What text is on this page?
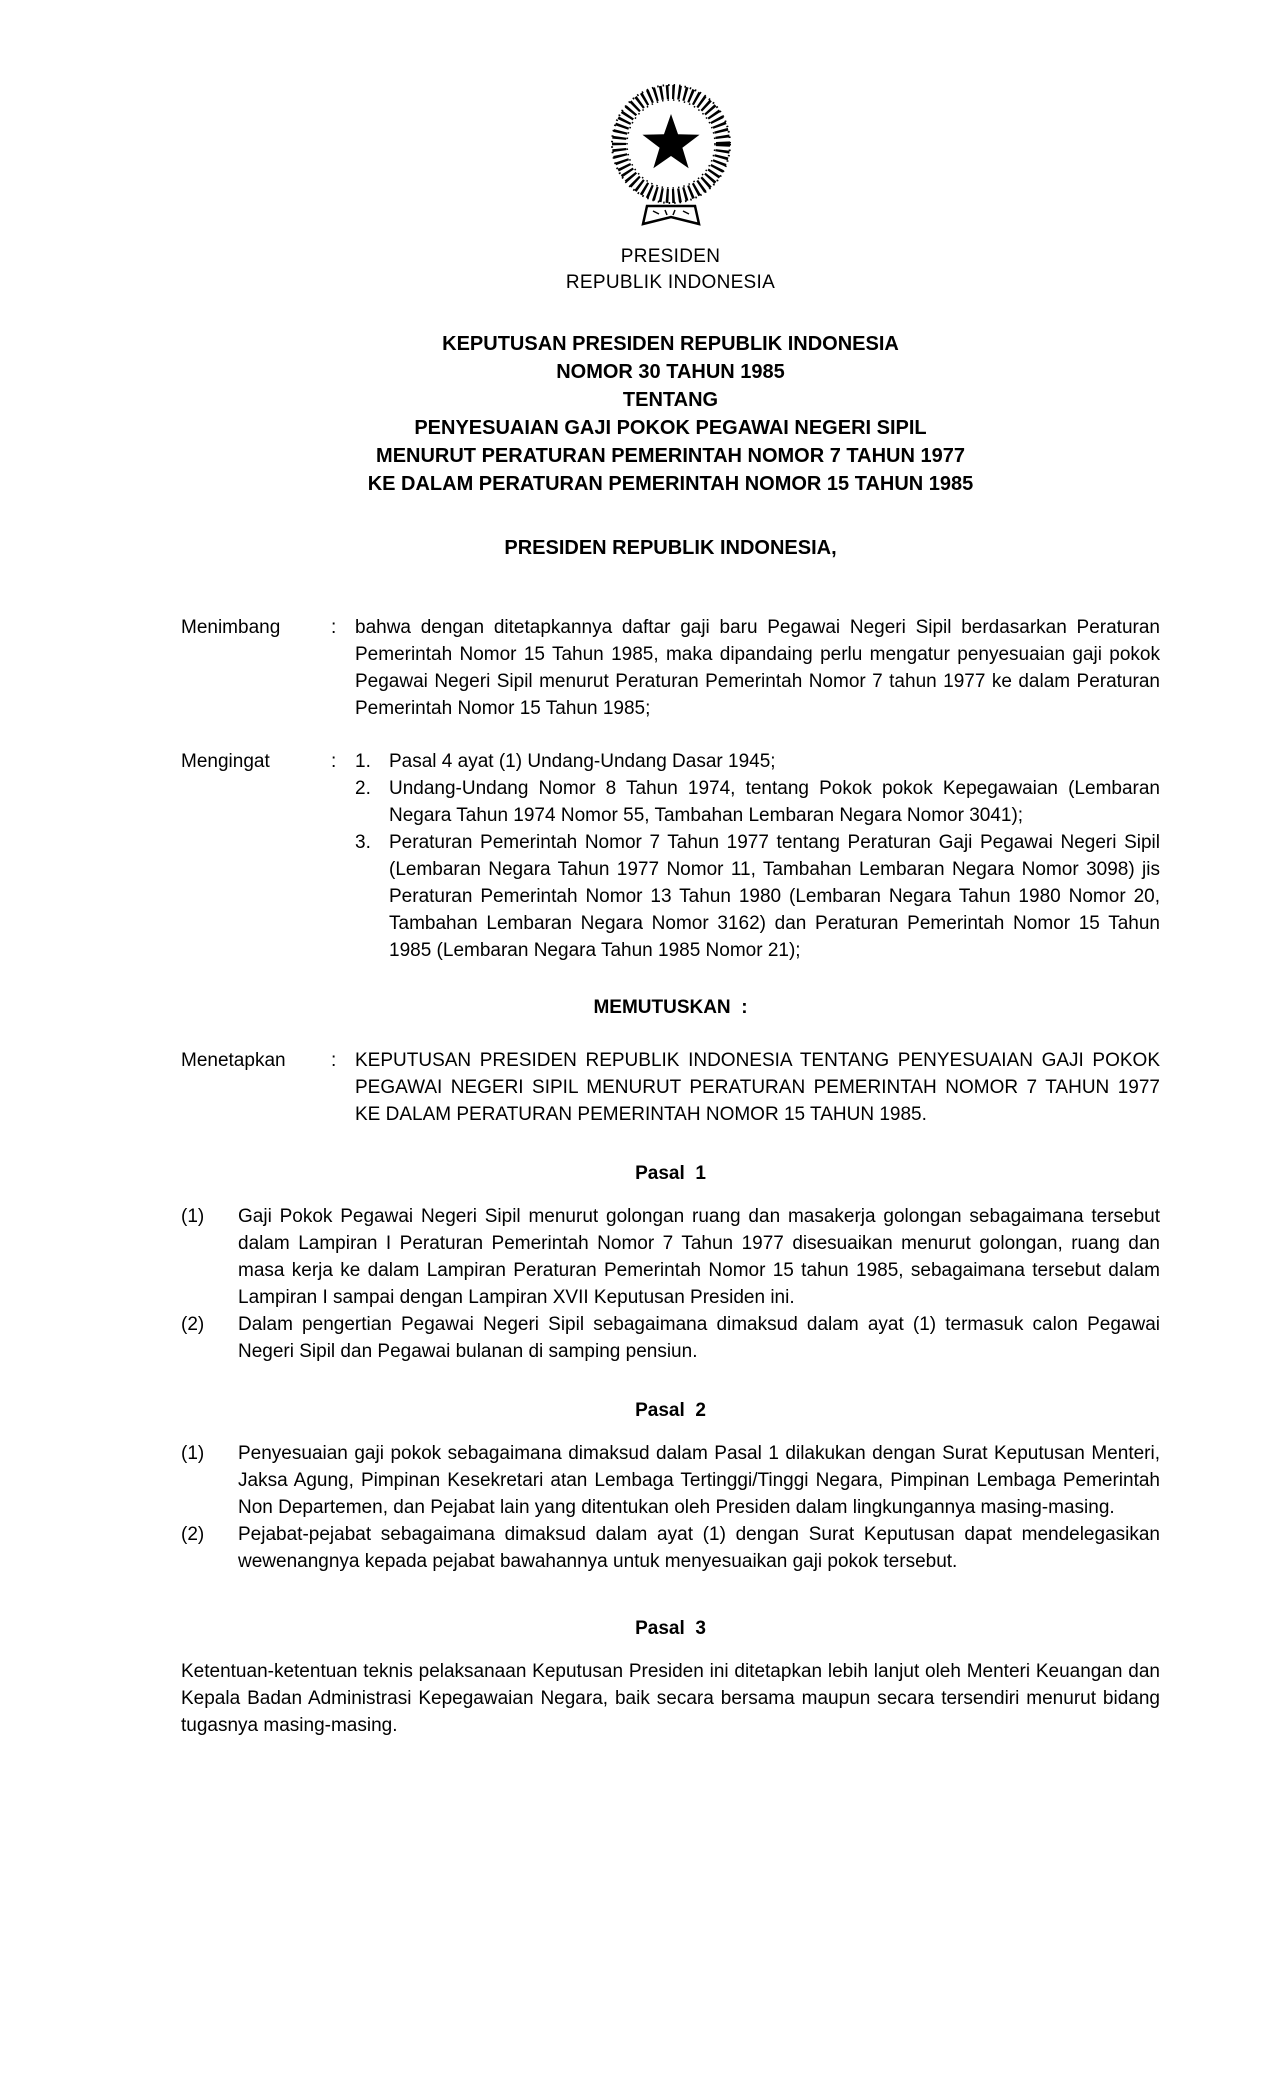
PRESIDEN
REPUBLIK INDONESIA
KEPUTUSAN PRESIDEN REPUBLIK INDONESIA
NOMOR 30 TAHUN 1985
TENTANG
PENYESUAIAN GAJI POKOK PEGAWAI NEGERI SIPIL
MENURUT PERATURAN PEMERINTAH NOMOR 7 TAHUN 1977
KE DALAM PERATURAN PEMERINTAH NOMOR 15 TAHUN 1985
PRESIDEN REPUBLIK INDONESIA,
Menimbang	: bahwa dengan ditetapkannya daftar gaji baru Pegawai Negeri Sipil berdasarkan Peraturan Pemerintah Nomor 15 Tahun 1985, maka dipandaing perlu mengatur penyesuaian gaji pokok Pegawai Negeri Sipil menurut Peraturan Pemerintah Nomor 7 tahun 1977 ke dalam Peraturan Pemerintah Nomor 15 Tahun 1985;
Mengingat	: 1. Pasal 4 ayat (1) Undang-Undang Dasar 1945;
2. Undang-Undang Nomor 8 Tahun 1974, tentang Pokok pokok Kepegawaian (Lembaran Negara Tahun 1974 Nomor 55, Tambahan Lembaran Negara Nomor 3041);
3. Peraturan Pemerintah Nomor 7 Tahun 1977 tentang Peraturan Gaji Pegawai Negeri Sipil (Lembaran Negara Tahun 1977 Nomor 11, Tambahan Lembaran Negara Nomor 3098) jis Peraturan Pemerintah Nomor 13 Tahun 1980 (Lembaran Negara Tahun 1980 Nomor 20, Tambahan Lembaran Negara Nomor 3162) dan Peraturan Pemerintah Nomor 15 Tahun 1985 (Lembaran Negara Tahun 1985 Nomor 21);
MEMUTUSKAN  :
Menetapkan	: KEPUTUSAN PRESIDEN REPUBLIK INDONESIA TENTANG PENYESUAIAN GAJI POKOK PEGAWAI NEGERI SIPIL MENURUT PERATURAN PEMERINTAH NOMOR 7 TAHUN 1977 KE DALAM PERATURAN PEMERINTAH NOMOR 15 TAHUN 1985.
Pasal  1
(1)	Gaji Pokok Pegawai Negeri Sipil menurut golongan ruang dan masakerja golongan sebagaimana tersebut dalam Lampiran I Peraturan Pemerintah Nomor 7 Tahun 1977 disesuaikan menurut golongan, ruang dan masa kerja ke dalam Lampiran Peraturan Pemerintah Nomor 15 tahun 1985, sebagaimana tersebut dalam Lampiran I sampai dengan Lampiran XVII Keputusan Presiden ini.
(2)	Dalam pengertian Pegawai Negeri Sipil sebagaimana dimaksud dalam ayat (1) termasuk calon Pegawai Negeri Sipil dan Pegawai bulanan di samping pensiun.
Pasal  2
(1)	Penyesuaian gaji pokok sebagaimana dimaksud dalam Pasal 1 dilakukan dengan Surat Keputusan Menteri, Jaksa Agung, Pimpinan Kesekretari atan Lembaga Tertinggi/Tinggi Negara, Pimpinan Lembaga Pemerintah Non Departemen, dan Pejabat lain yang ditentukan oleh Presiden dalam lingkungannya masing-masing.
(2)	Pejabat-pejabat sebagaimana dimaksud dalam ayat (1) dengan Surat Keputusan dapat mendelegasikan wewenangnya kepada pejabat bawahannya untuk menyesuaikan gaji pokok tersebut.
Pasal  3

Ketentuan-ketentuan teknis pelaksanaan Keputusan Presiden ini ditetapkan lebih lanjut oleh Menteri Keuangan dan Kepala Badan Administrasi Kepegawaian Negara, baik secara bersama maupun secara tersendiri menurut bidang tugasnya masing-masing.
